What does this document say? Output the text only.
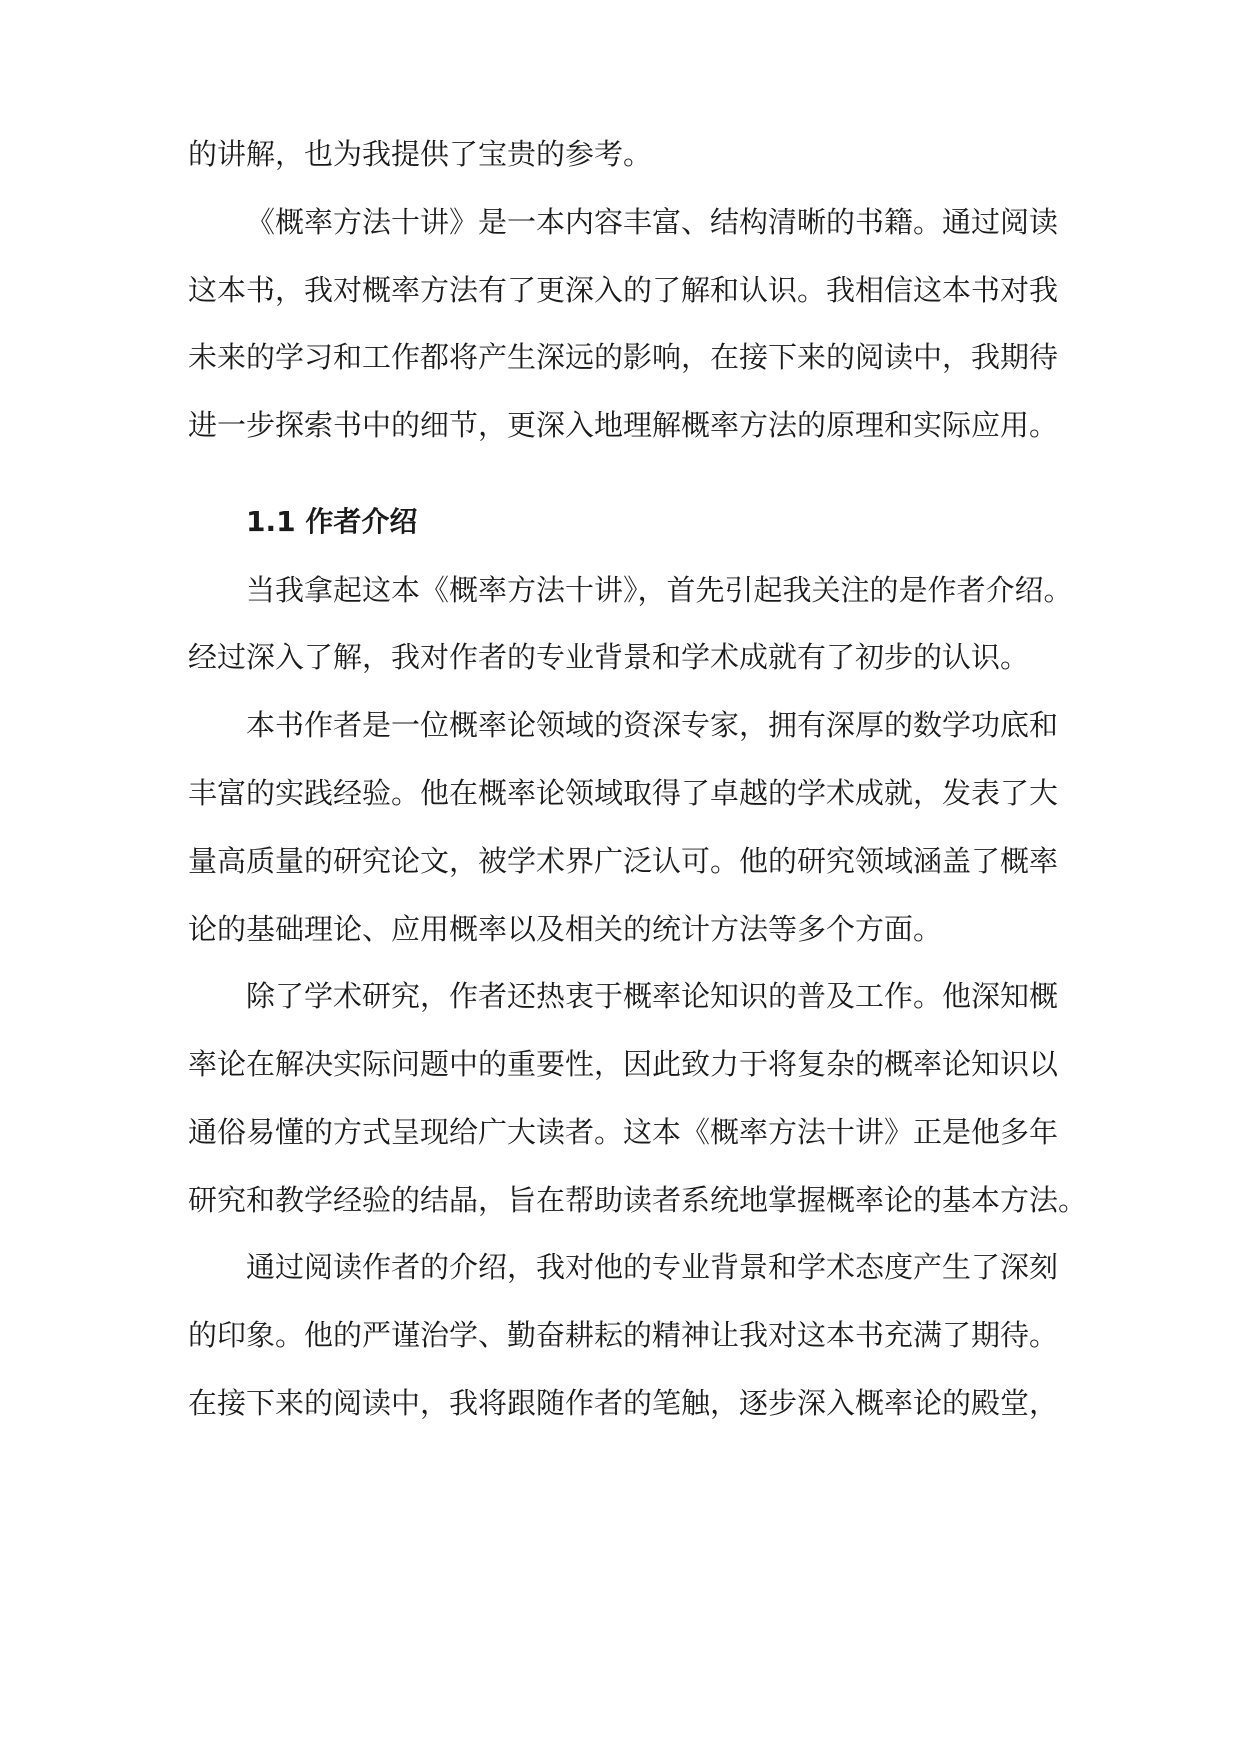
的讲解，也为我提供了宝贵的参考。
《概率方法十讲》是一本内容丰富、结构清晰的书籍。通过阅读
这本书，我对概率方法有了更深入的了解和认识。我相信这本书对我
未来的学习和工作都将产生深远的影响，在接下来的阅读中，我期待
进一步探索书中的细节，更深入地理解概率方法的原理和实际应用。
1.1 作者介绍
当我拿起这本《概率方法十讲》，首先引起我关注的是作者介绍。
经过深入了解，我对作者的专业背景和学术成就有了初步的认识。
本书作者是一位概率论领域的资深专家，拥有深厚的数学功底和
丰富的实践经验。他在概率论领域取得了卓越的学术成就，发表了大
量高质量的研究论文，被学术界广泛认可。他的研究领域涵盖了概率
论的基础理论、应用概率以及相关的统计方法等多个方面。
除了学术研究，作者还热衷于概率论知识的普及工作。他深知概
率论在解决实际问题中的重要性，因此致力于将复杂的概率论知识以
通俗易懂的方式呈现给广大读者。这本《概率方法十讲》正是他多年
研究和教学经验的结晶，旨在帮助读者系统地掌握概率论的基本方法。
通过阅读作者的介绍，我对他的专业背景和学术态度产生了深刻
的印象。他的严谨治学、勤奋耕耘的精神让我对这本书充满了期待。
在接下来的阅读中，我将跟随作者的笔触，逐步深入概率论的殿堂，
